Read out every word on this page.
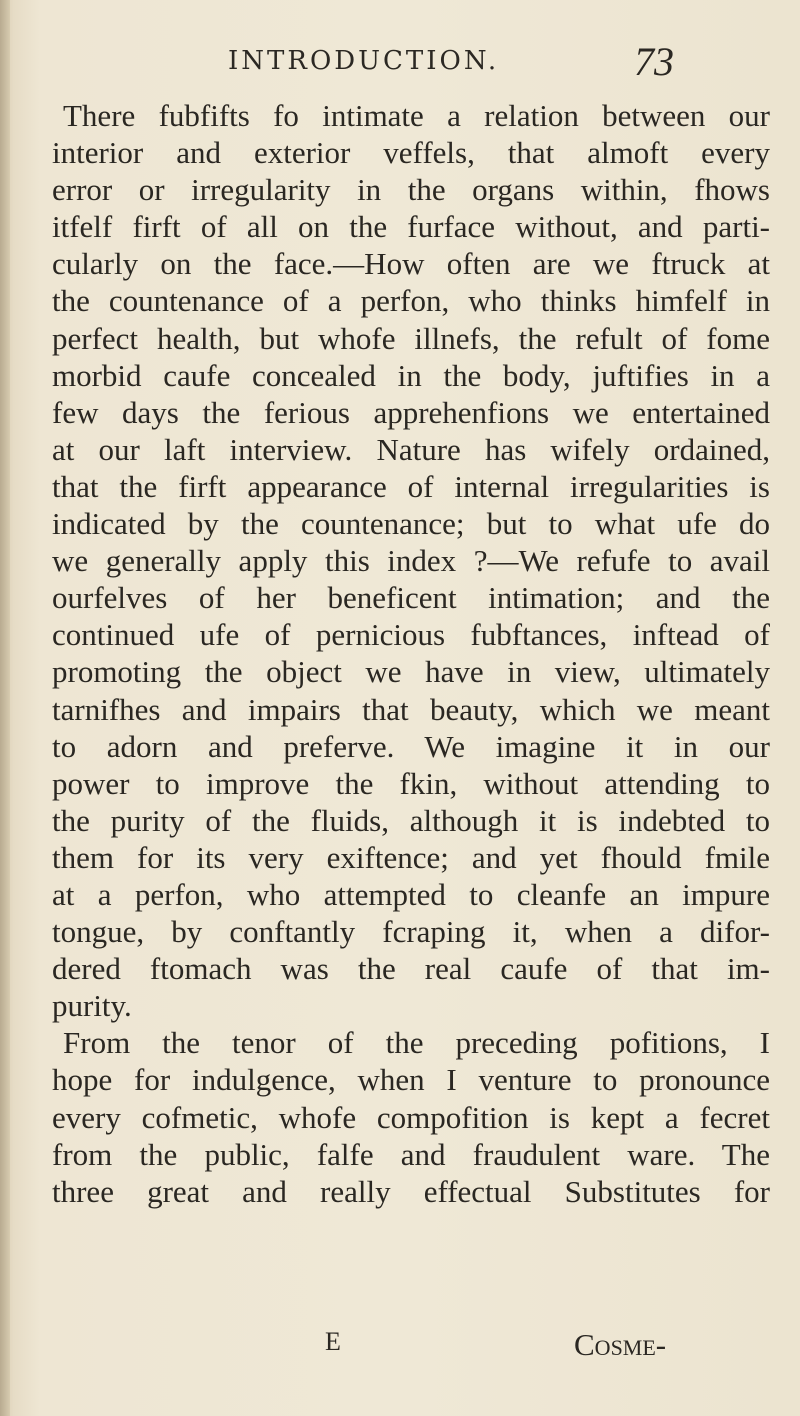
INTRODUCTION.	73
There fubfifts fo intimate a relation between our
interior and exterior veffels, that almoft every
error or irregularity in the organs within, fhows
itfelf firft of all on the furface without, and parti-
cularly on the face.—How often are we ftruck at
the countenance of a perfon, who thinks himfelf in
perfect health, but whofe illnefs, the refult of fome
morbid caufe concealed in the body, juftifies in a
few days the ferious apprehenfions we entertained
at our laft interview. Nature has wifely ordained,
that the firft appearance of internal irregularities is
indicated by the countenance; but to what ufe do
we generally apply this index ?—We refufe to avail
ourfelves of her beneficent intimation; and the
continued ufe of pernicious fubftances, inftead of
promoting the object we have in view, ultimately
tarnifhes and impairs that beauty, which we meant
to adorn and preferve. We imagine it in our
power to improve the fkin, without attending to
the purity of the fluids, although it is indebted to
them for its very exiftence; and yet fhould fmile
at a perfon, who attempted to cleanfe an impure
tongue, by conftantly fcraping it, when a difor-
dered ftomach was the real caufe of that im-
purity.
From the tenor of the preceding pofitions, I
hope for indulgence, when I venture to pronounce
every cofmetic, whofe compofition is kept a fecret
from the public, falfe and fraudulent ware. The
three great and really effectual Substitutes for
E	Cosme-
